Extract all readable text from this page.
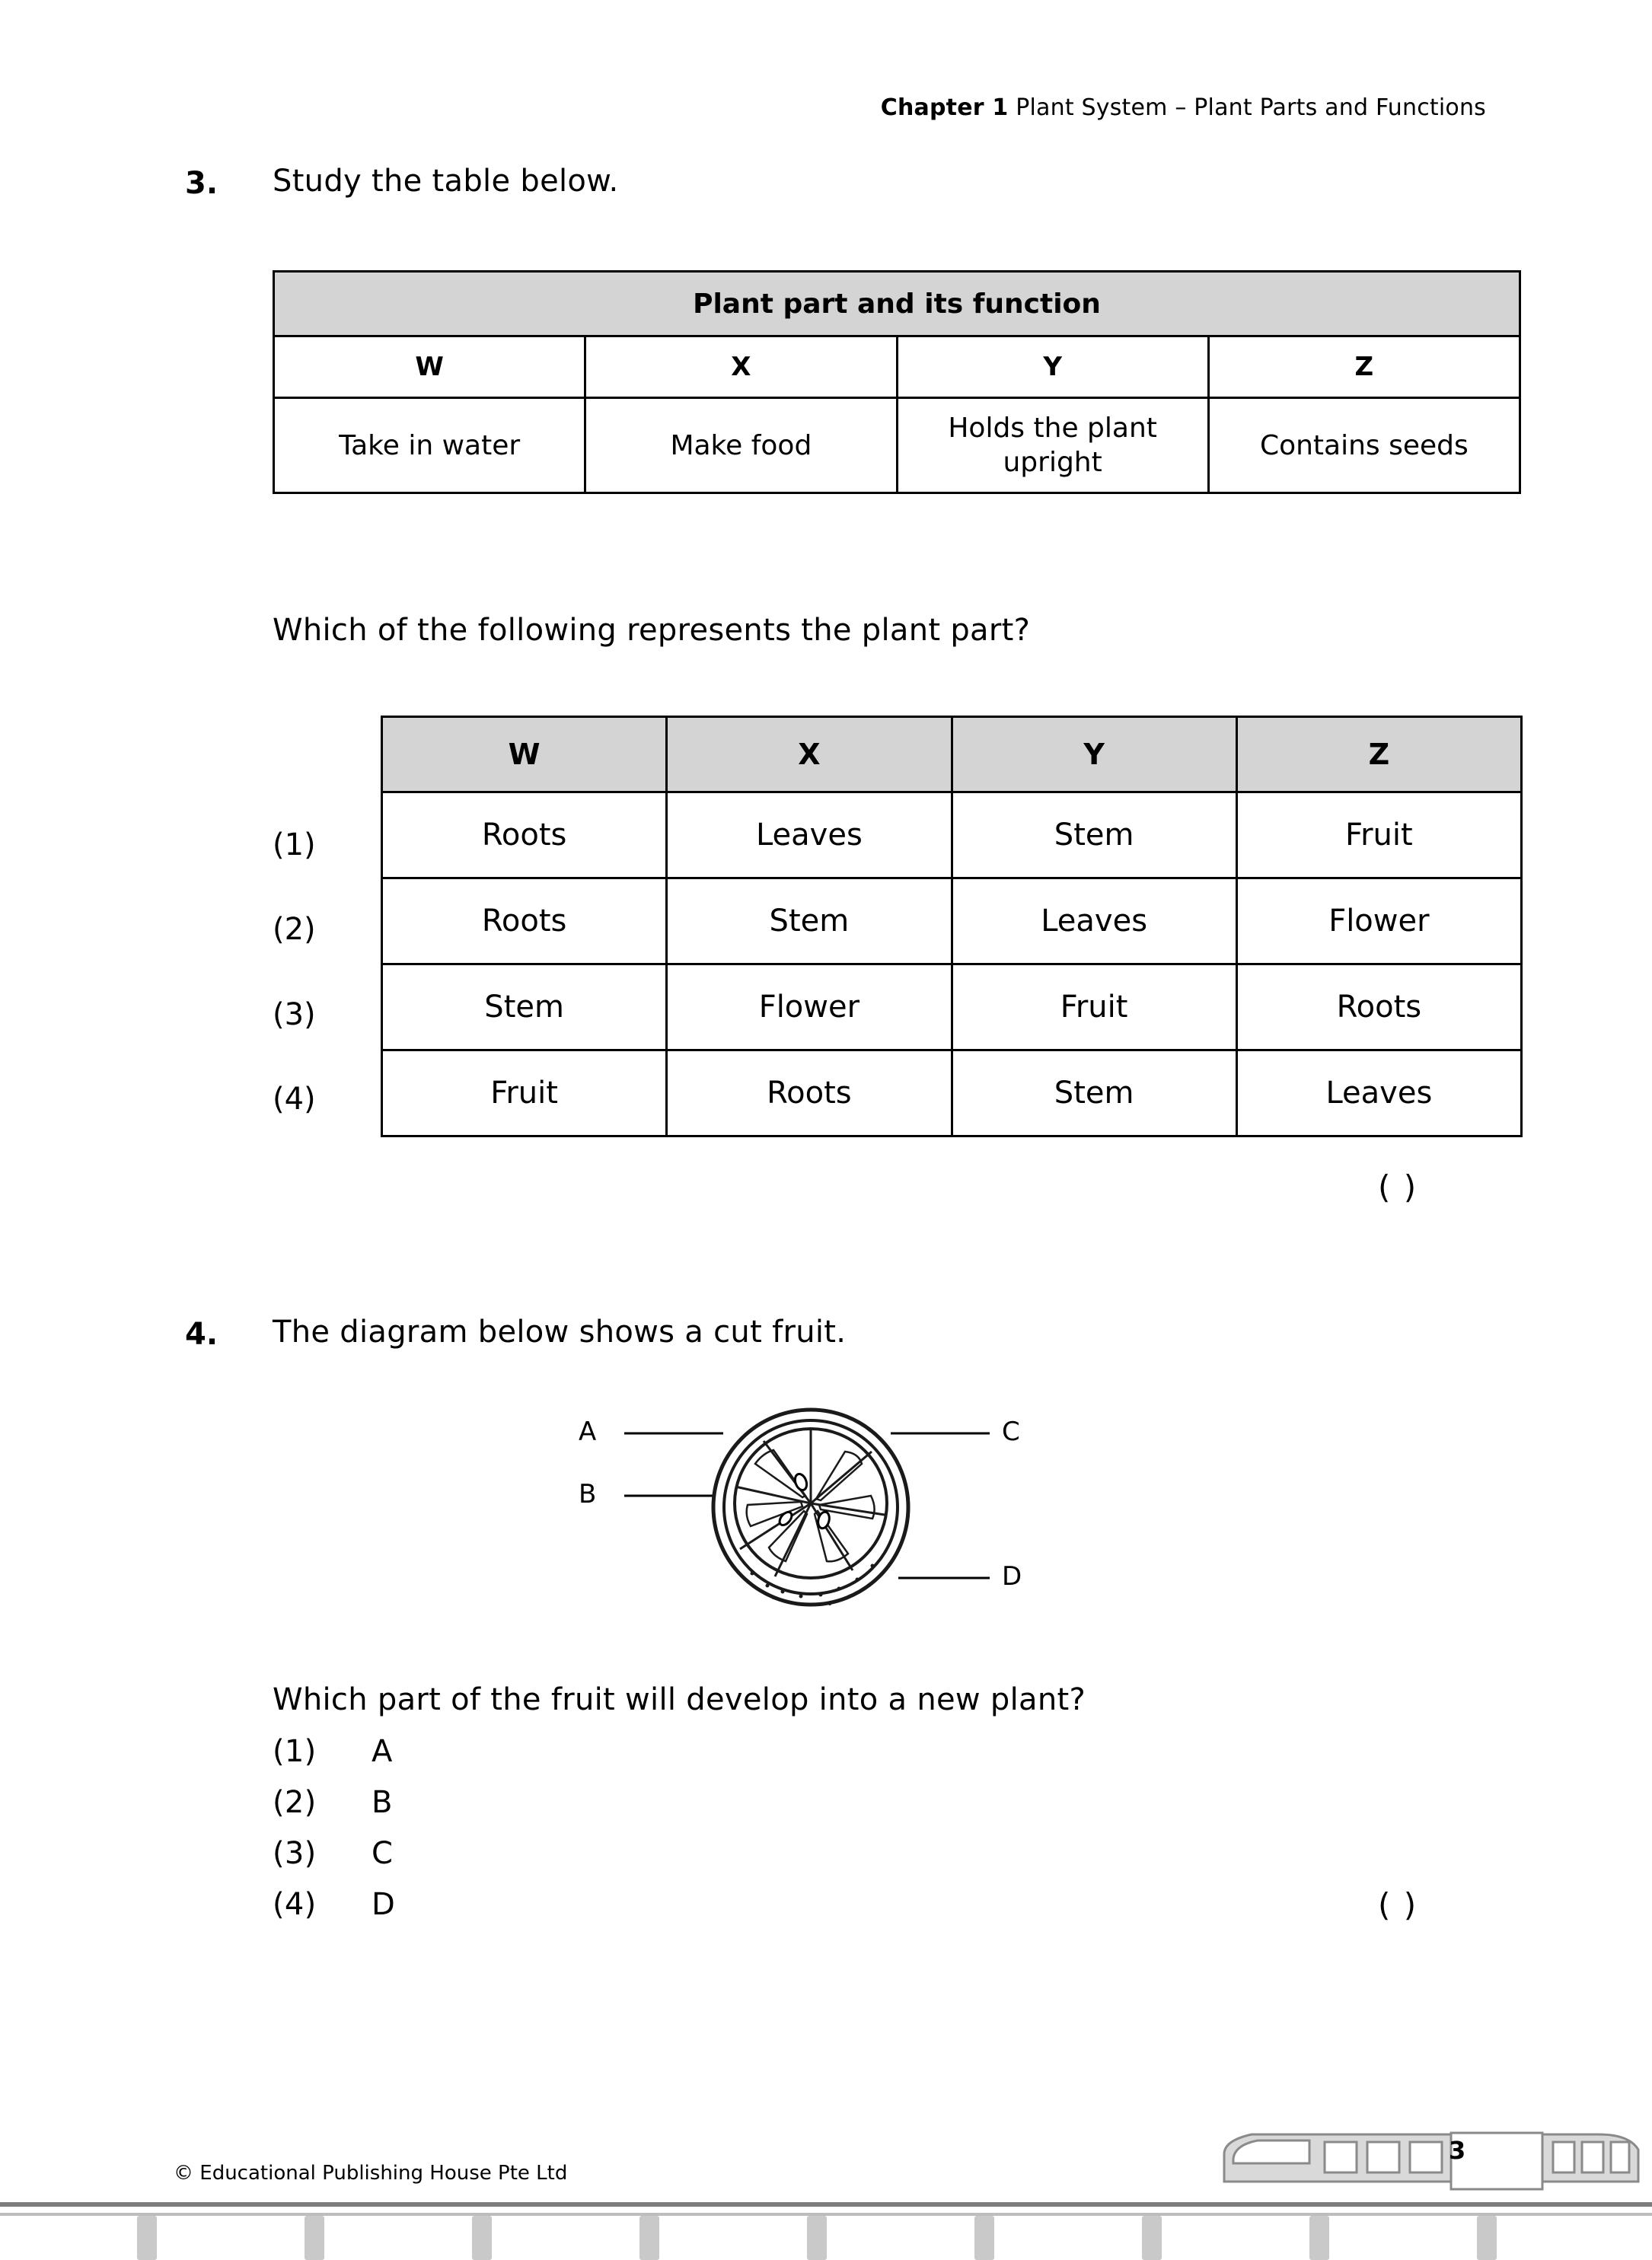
Chapter 1 Plant System – Plant Parts and Functions
3. Study the table below.
Plant part and its function			
W	X	Y	Z
Take in water	Make food	Holds the plant upright	Contains seeds
Which of the following represents the plant part?
(1)
(2)
(3)
(4)
W	X	Y	Z
Roots	Leaves	Stem	Fruit
Roots	Stem	Leaves	Flower
Stem	Flower	Fruit	Roots
Fruit	Roots	Stem	Leaves
( )
4. The diagram below shows a cut fruit.
A
B
C
D
Which part of the fruit will develop into a new plant?
(1) A
(2) B
(3) C
(4) D	( )
© Educational Publishing House Pte Ltd
3
